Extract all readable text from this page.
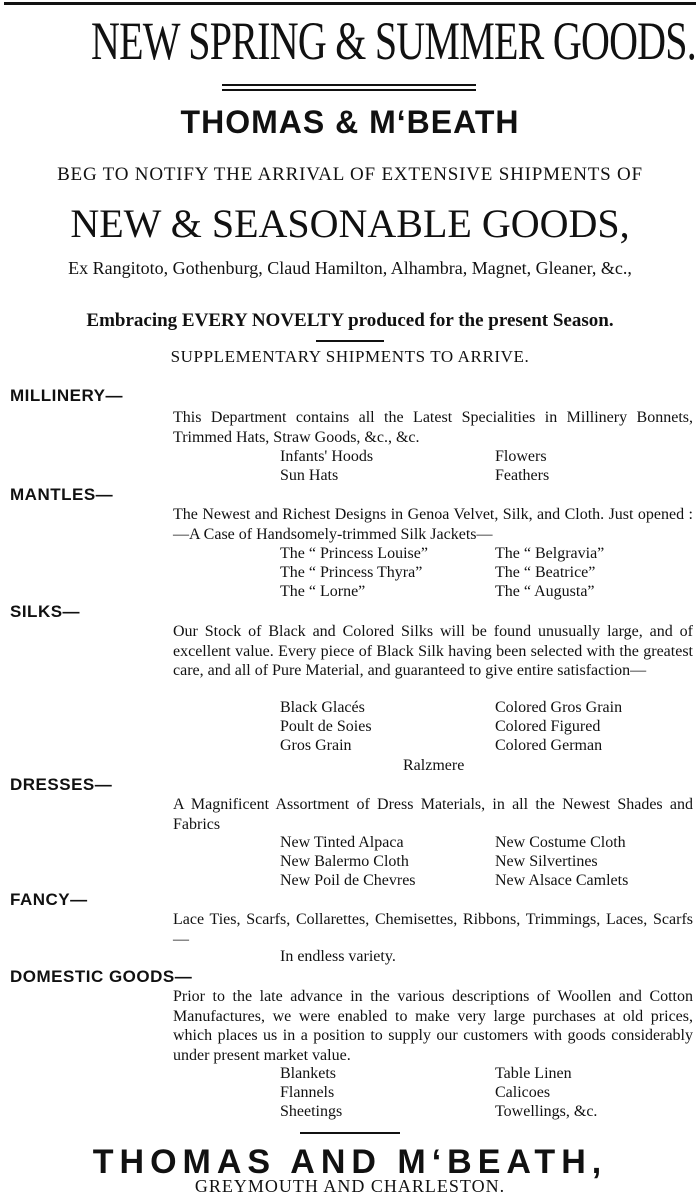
NEW SPRING & SUMMER GOODS.
THOMAS & M‘BEATH
BEG TO NOTIFY THE ARRIVAL OF EXTENSIVE SHIPMENTS OF
NEW & SEASONABLE GOODS,
Ex Rangitoto, Gothenburg, Claud Hamilton, Alhambra, Magnet, Gleaner, &c.,
Embracing EVERY NOVELTY produced for the present Season.
SUPPLEMENTARY SHIPMENTS TO ARRIVE.
MILLINERY—
This Department contains all the Latest Specialities in Millinery Bonnets, Trimmed Hats, Straw Goods, &c., &c.
Infants' Hoods	Flowers
Sun Hats	Feathers
MANTLES—
The Newest and Richest Designs in Genoa Velvet, Silk, and Cloth. Just opened :—A Case of Handsomely-trimmed Silk Jackets—
The “ Princess Louise”	The “ Belgravia”
The “ Princess Thyra”	The “ Beatrice”
The “ Lorne”	The “ Augusta”
SILKS—
Our Stock of Black and Colored Silks will be found unusually large, and of excellent value. Every piece of Black Silk having been selected with the greatest care, and all of Pure Material, and guaranteed to give entire satisfaction—
Black Glacés	Colored Gros Grain
Poult de Soies	Colored Figured
Gros Grain	Colored German
Ralzmere
DRESSES—
A Magnificent Assortment of Dress Materials, in all the Newest Shades and Fabrics
New Tinted Alpaca	New Costume Cloth
New Balermo Cloth	New Silvertines
New Poil de Chevres	New Alsace Camlets
FANCY—
Lace Ties, Scarfs, Collarettes, Chemisettes, Ribbons, Trimmings, Laces, Scarfs—
In endless variety.
DOMESTIC GOODS—
Prior to the late advance in the various descriptions of Woollen and Cotton Manufactures, we were enabled to make very large purchases at old prices, which places us in a position to supply our customers with goods considerably under present market value.
Blankets	Table Linen
Flannels	Calicoes
Sheetings	Towellings, &c.
THOMAS AND M‘BEATH,
GREYMOUTH AND CHARLESTON.
